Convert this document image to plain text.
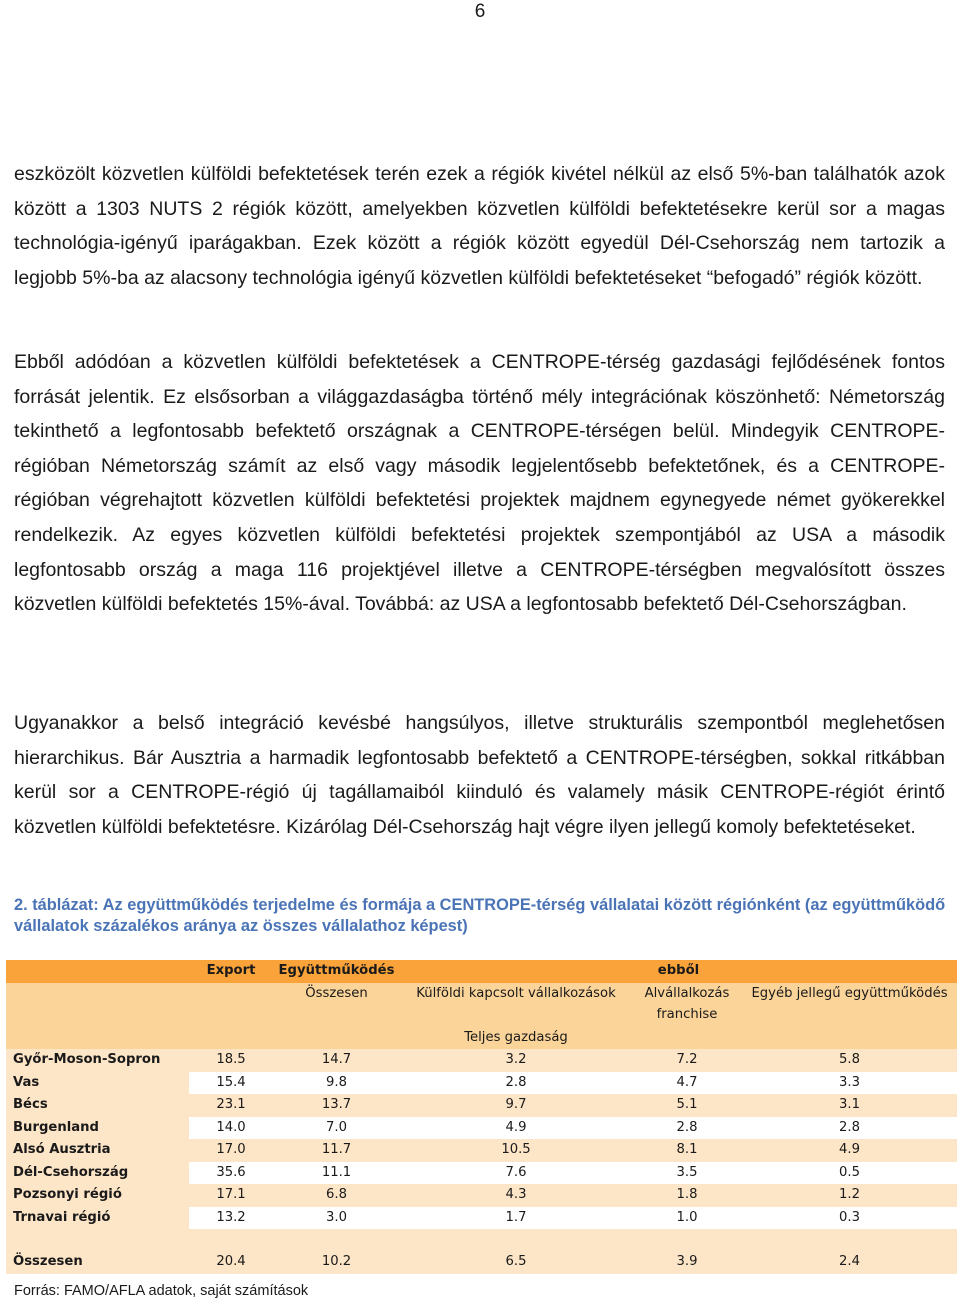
6

eszközölt közvetlen külföldi befektetések terén ezek a régiók kivétel nélkül az első 5%-ban találhatók azok között a 1303 NUTS 2 régiók között, amelyekben közvetlen külföldi befektetésekre kerül sor a magas technológia-igényű iparágakban. Ezek között a régiók között egyedül Dél-Csehország nem tartozik a legjobb 5%-ba az alacsony technológia igényű közvetlen külföldi befektetéseket “befogadó” régiók között.

Ebből adódóan a közvetlen külföldi befektetések a CENTROPE-térség gazdasági fejlődésének fontos forrását jelentik. Ez elsősorban a világgazdaságba történő mély integrációnak köszönhető: Németország tekinthető a legfontosabb befektető országnak a CENTROPE-térségen belül. Mindegyik CENTROPE-régióban Németország számít az első vagy második legjelentősebb befektetőnek, és a CENTROPE-régióban végrehajtott közvetlen külföldi befektetési projektek majdnem egynegyede német gyökerekkel rendelkezik. Az egyes közvetlen külföldi befektetési projektek szempontjából az USA a második legfontosabb ország a maga 116 projektjével illetve a CENTROPE-térségben megvalósított összes közvetlen külföldi befektetés 15%-ával. Továbbá: az USA a legfontosabb befektető Dél-Csehországban.

Ugyanakkor a belső integráció kevésbé hangsúlyos, illetve strukturális szempontból meglehetősen hierarchikus. Bár Ausztria a harmadik legfontosabb befektető a CENTROPE-térségben, sokkal ritkábban kerül sor a CENTROPE-régió új tagállamaiból kiinduló és valamely másik CENTROPE-régiót érintő közvetlen külföldi befektetésre. Kizárólag Dél-Csehország hajt végre ilyen jellegű komoly befektetéseket.

2. táblázat: Az együttműködés terjedelme és formája a CENTROPE-térség vállalatai között régiónként (az együttműködő vállalatok százalékos aránya az összes vállalathoz képest)
	Export	Együttműködés	ebből		
		Összesen	Külföldi kapcsolt vállalkozások	Alvállalkozás franchise	Egyéb jellegű együttműködés
			Teljes gazdaság		
Győr-Moson-Sopron	18.5	14.7	3.2	7.2	5.8
Vas	15.4	9.8	2.8	4.7	3.3
Bécs	23.1	13.7	9.7	5.1	3.1
Burgenland	14.0	7.0	4.9	2.8	2.8
Alsó Ausztria	17.0	11.7	10.5	8.1	4.9
Dél-Csehország	35.6	11.1	7.6	3.5	0.5
Pozsonyi régió	17.1	6.8	4.3	1.8	1.2
Trnavai régió	13.2	3.0	1.7	1.0	0.3

Összesen	20.4	10.2	6.5	3.9	2.4
Forrás: FAMO/AFLA adatok, saját számítások
